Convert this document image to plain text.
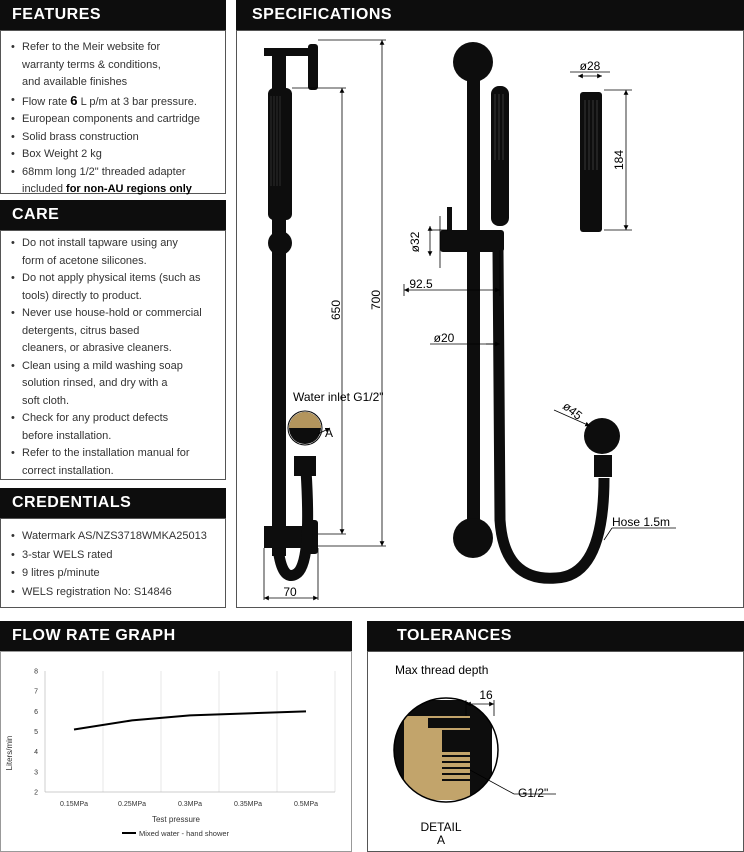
FEATURES
• Refer to the Meir website for
warranty terms & conditions,
and available finishes
• Flow rate 6 L p/m at 3 bar pressure.
• European components and cartridge
• Solid brass construction
• Box Weight 2 kg
• 68mm long 1/2" threaded adapter
included for non-AU regions only
CARE
• Do not install tapware using any
form of acetone silicones.
• Do not apply physical items (such as
tools) directly to product.
• Never use house-hold or commercial
detergents, citrus based
cleaners, or abrasive cleaners.
• Clean using a mild washing soap
solution rinsed, and dry with a
soft cloth.
• Check for any product defects
before installation.
• Refer to the installation manual for
correct installation.
CREDENTIALS
• Watermark AS/NZS3718WMKA25013
• 3-star WELS rated
• 9 litres p/minute
• WELS registration No: S14846
SPECIFICATIONS
650 700
70
Water inlet G1/2"
A
ø28
184
ø32
92.5
ø20
ø45
Hose 1.5m
FLOW RATE GRAPH
2
3
4
5
6
7
8
0.15MPa	0.25MPa	0.3MPa	0.35MPa	0.5MPa
Liters/min
Test pressure
Mixed water - hand shower
TOLERANCES
Max thread depth
16
G1/2"
DETAIL
A
